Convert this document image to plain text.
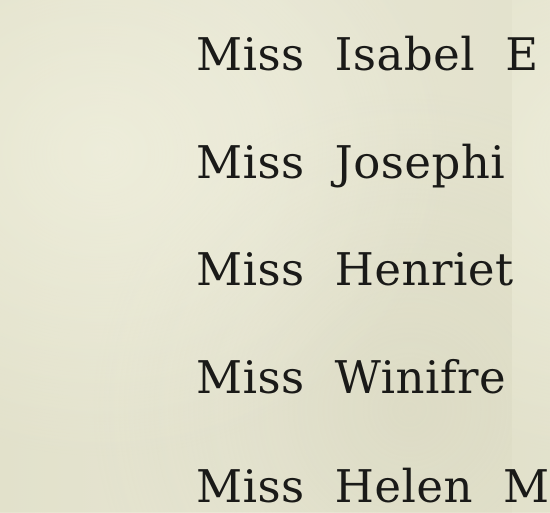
Miss Isabel E
Miss Josephi
Miss Henriet
Miss Winifre
Miss Helen M
